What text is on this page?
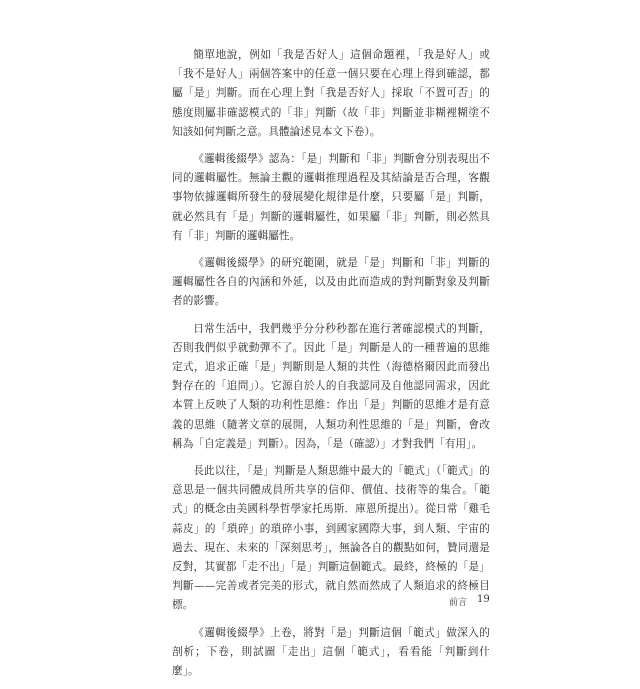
簡單地說，例如「我是否好人」這個命題裡，「我是好人」或「我不是好人」兩個答案中的任意一個只要在心理上得到確認，都屬「是」判斷。而在心理上對「我是否好人」採取「不置可否」的態度則屬非確認模式的「非」判斷（故「非」判斷並非糊裡糊塗不知該如何判斷之意。具體論述見本文下卷）。

《邏輯後綴學》認為：「是」判斷和「非」判斷會分別表現出不同的邏輯屬性。無論主觀的邏輯推理過程及其結論是否合理，客觀事物依據邏輯所發生的發展變化規律是什麼，只要屬「是」判斷，就必然具有「是」判斷的邏輯屬性，如果屬「非」判斷，則必然具有「非」判斷的邏輯屬性。

《邏輯後綴學》的研究範圍，就是「是」判斷和「非」判斷的邏輯屬性各自的內涵和外延，以及由此而造成的對判斷對象及判斷者的影響。

日常生活中，我們幾乎分分秒秒都在進行著確認模式的判斷，否則我們似乎就動彈不了。因此「是」判斷是人的一種普遍的思維定式，追求正確「是」判斷則是人類的共性（海德格爾因此而發出對存在的「追問」）。它源自於人的自我認同及自他認同需求，因此本質上反映了人類的功利性思維：作出「是」判斷的思維才是有意義的思維（隨著文章的展開，人類功利性思維的「是」判斷，會改稱為「自定義是」判斷）。因為，「是（確認）」才對我們「有用」。

長此以往，「是」判斷是人類思維中最大的「範式」（「範式」的意思是一個共同體成員所共享的信仰、價值、技術等的集合。「範式」的概念由美國科學哲學家托馬斯．庫恩所提出）。從日常「雞毛蒜皮」的「瑣碎」的瑣碎小事，到國家國際大事，到人類、宇宙的過去、現在、未來的「深刻思考」，無論各自的觀點如何，贊同還是反對，其實都「走不出」「是」判斷這個範式。最終，終極的「是」判斷——完善或者完美的形式，就自然而然成了人類追求的終極目標。

《邏輯後綴學》上卷，將對「是」判斷這個「範式」做深入的剖析；下卷，則試圖「走出」這個「範式」，看看能「判斷到什麼」。

前言 19
